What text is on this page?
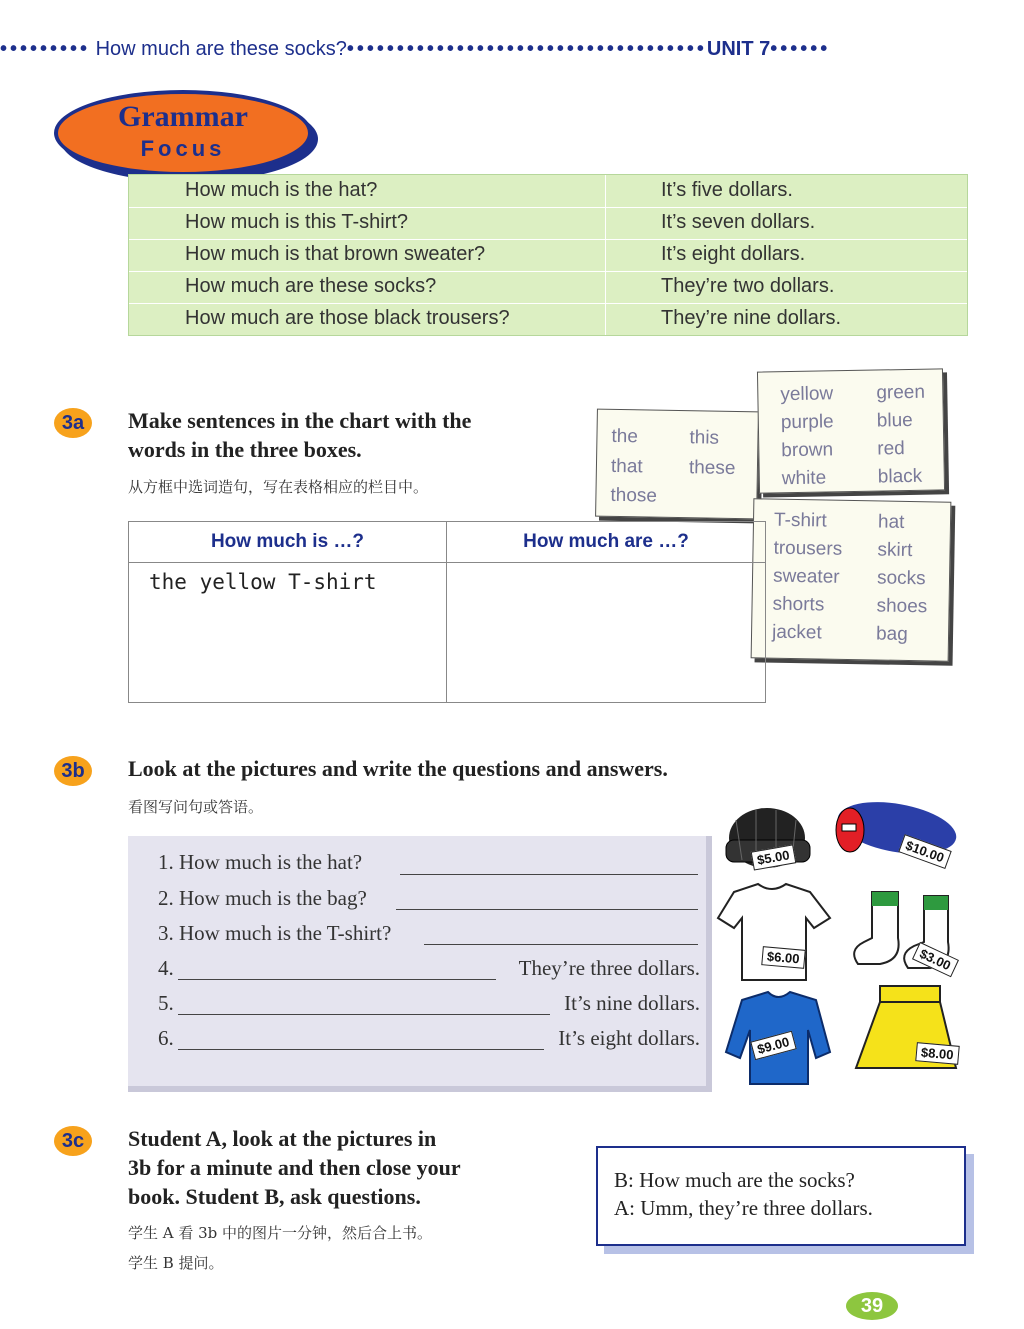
••••••••• How much are these socks?••••••••••••••••••••••••••••••••••••UNIT 7••••••
Grammar
Focus
How much is the hat?	It’s five dollars.
How much is this T-shirt?	It’s seven dollars.
How much is that brown sweater?	It’s eight dollars.
How much are these socks?	They’re two dollars.
How much are those black trousers?	They’re nine dollars.
3a	Make sentences in the chart with the
words in the three boxes.
从方框中选词造句，写在表格相应的栏目中。
the	this
that these
those
yellow green
purple blue
brown red
white	black
T-shirt	hat
trousers skirt
sweater socks
shorts	shoes
jacket	bag
How much is …?	How much are …?
the yellow T-shirt
3b	Look at the pictures and write the questions and answers.
看图写问句或答语。
1. How much is the hat?
2. How much is the bag?
3. How much is the T-shirt?
4.	They’re three dollars.
5.	It’s nine dollars.
6.	It’s eight dollars.
$5.00	$10.00
$6.00	$3.00
$9.00	$8.00
3c	Student A, look at the pictures in
3b for a minute and then close your
book. Student B, ask questions.
学生 A 看 3b 中的图片一分钟，然后合上书。
学生 B 提问。
B: How much are the socks?
A: Umm, they’re three dollars.
39
